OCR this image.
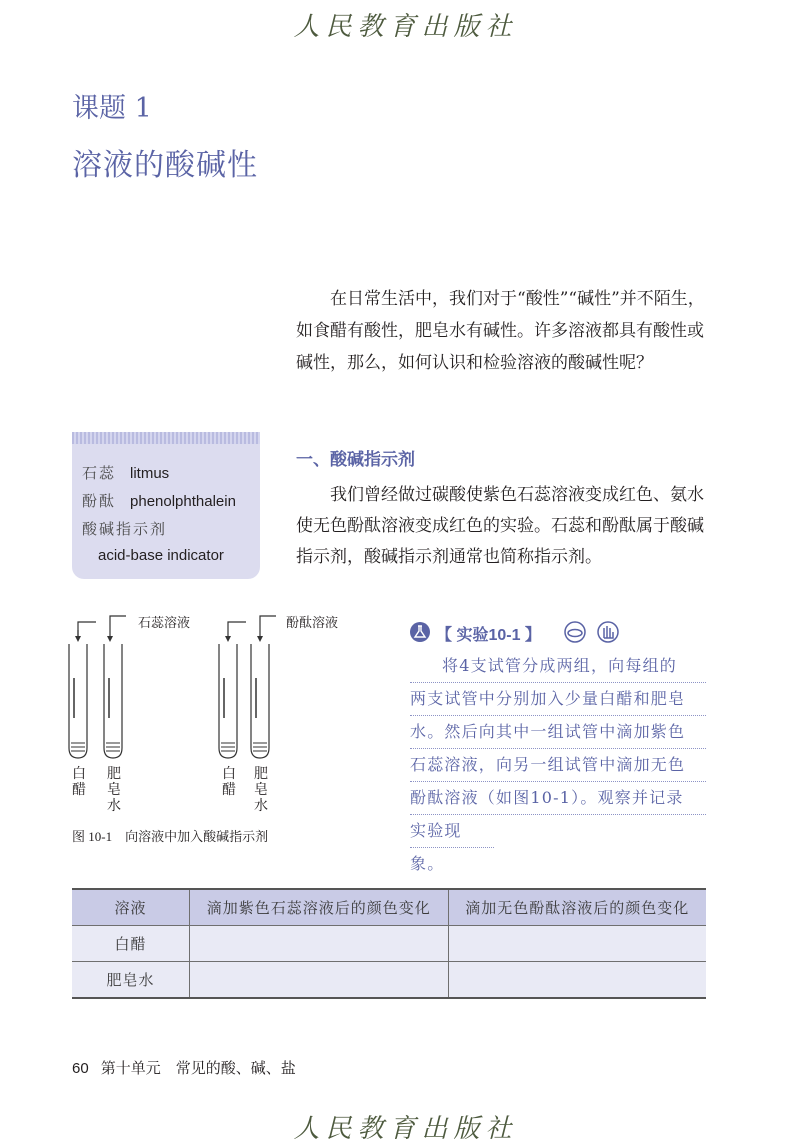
人民教育出版社
课题 1
溶液的酸碱性

在日常生活中，我们对于“酸性”“碱性”并不陌生，如食醋有酸性，肥皂水有碱性。许多溶液都具有酸性或碱性，那么，如何认识和检验溶液的酸碱性呢？

石蕊 litmus
酚酞 phenolphthalein
酸碱指示剂
acid-base indicator
一、酸碱指示剂

我们曾经做过碳酸使紫色石蕊溶液变成红色、氨水使无色酚酞溶液变成红色的实验。石蕊和酚酞属于酸碱指示剂，酸碱指示剂通常也简称指示剂。

石蕊溶液	酚酞溶液
白醋
肥皂水
白醋
肥皂水
图 10-1　向溶液中加入酸碱指示剂
【 实验10-1 】
将4支试管分成两组，向每组的
两支试管中分别加入少量白醋和肥皂
水。然后向其中一组试管中滴加紫色
石蕊溶液，向另一组试管中滴加无色
酚酞溶液（如图10-1）。观察并记录
实验现象。
溶液	滴加紫色石蕊溶液后的颜色变化	滴加无色酚酞溶液后的颜色变化
白醋		
肥皂水		
60 第十单元　常见的酸、碱、盐
人民教育出版社
